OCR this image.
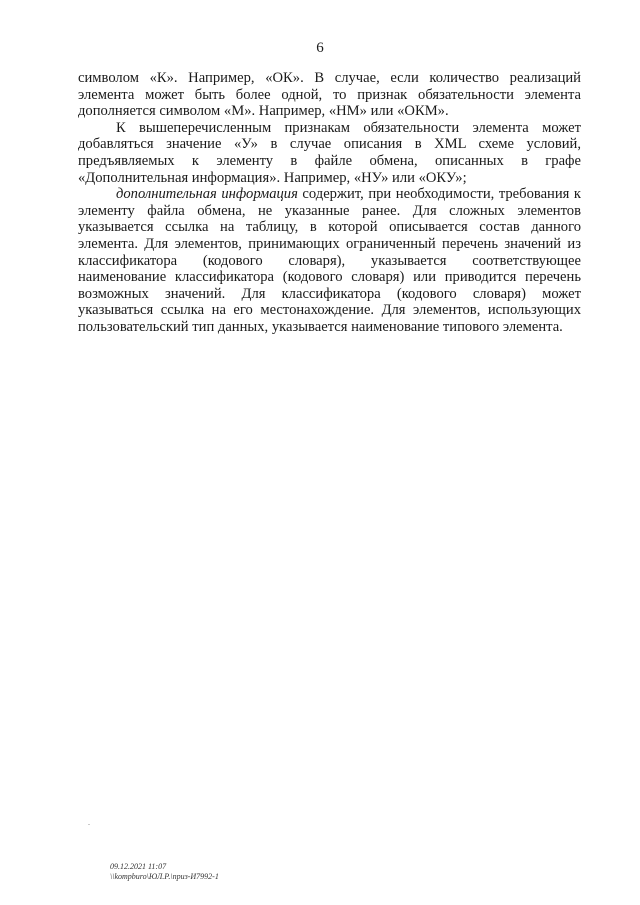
6

символом «К». Например, «ОК». В случае, если количество реализаций элемента может быть более одной, то признак обязательности элемента дополняется символом «М». Например, «НМ» или «ОКМ».

К вышеперечисленным признакам обязательности элемента может добавляться значение «У» в случае описания в XML схеме условий, предъявляемых к элементу в файле обмена, описанных в графе «Дополнительная информация». Например, «НУ» или «ОКУ»;

дополнительная информация содержит, при необходимости, требования к элементу файла обмена, не указанные ранее. Для сложных элементов указывается ссылка на таблицу, в которой описывается состав данного элемента. Для элементов, принимающих ограниченный перечень значений из классификатора (кодового словаря), указывается соответствующее наименование классификатора (кодового словаря) или приводится перечень возможных значений. Для классификатора (кодового словаря) может указываться ссылка на его местонахождение. Для элементов, использующих пользовательский тип данных, указывается наименование типового элемента.

.
09.12.2021 11:07
\\kompburo\ЮЛ.Р.\приз-И7992-1
